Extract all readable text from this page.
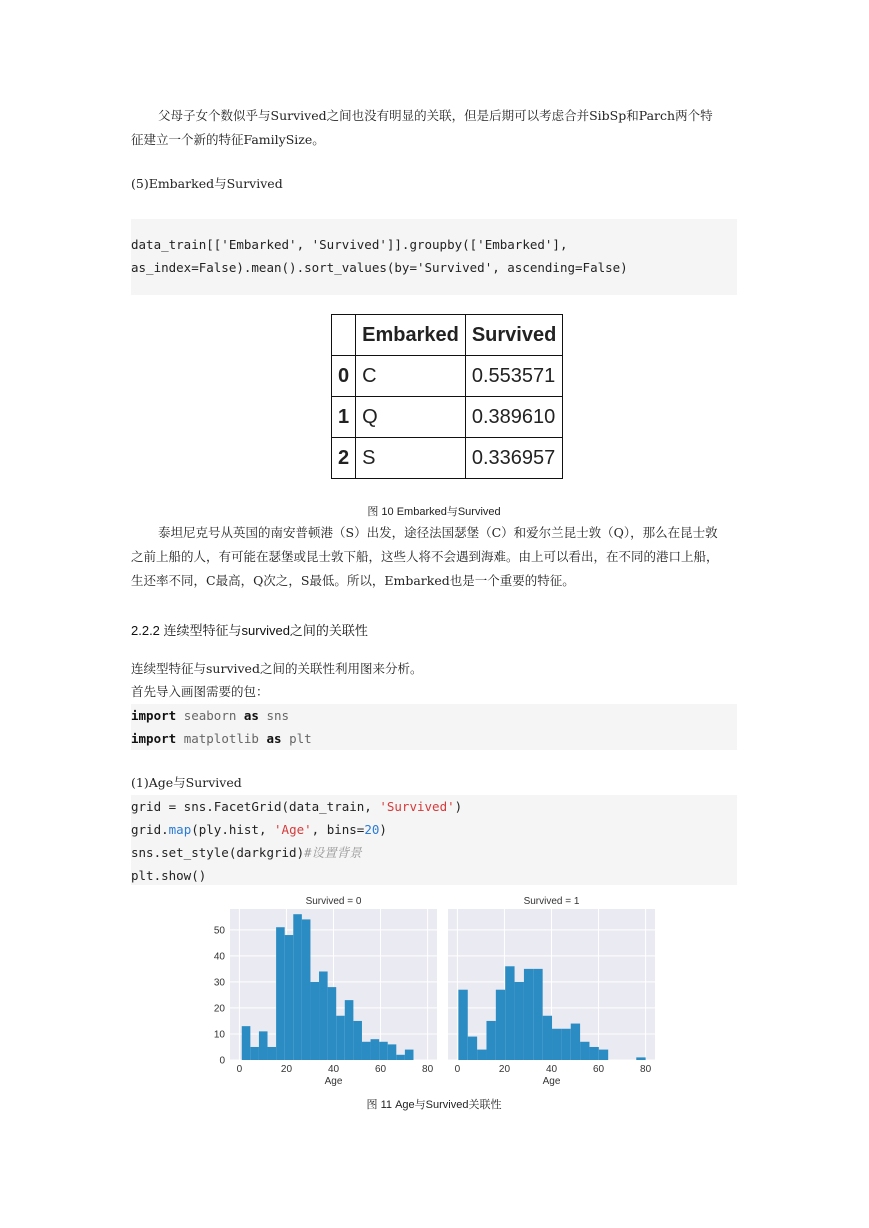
父母子女个数似乎与Survived之间也没有明显的关联，但是后期可以考虑合并SibSp和Parch两个特
征建立一个新的特征FamilySize。
(5)Embarked与Survived
data_train[['Embarked', 'Survived']].groupby(['Embarked'],
as_index=False).mean().sort_values(by='Survived', ascending=False)
	Embarked	Survived
0	C	0.553571
1	Q	0.389610
2	S	0.336957
图 10 Embarked与Survived
泰坦尼克号从英国的南安普顿港（S）出发，途径法国瑟堡（C）和爱尔兰昆士敦（Q），那么在昆士敦
之前上船的人，有可能在瑟堡或昆士敦下船，这些人将不会遇到海难。由上可以看出，在不同的港口上船，
生还率不同，C最高，Q次之，S最低。所以，Embarked也是一个重要的特征。
2.2.2 连续型特征与survived之间的关联性
连续型特征与survived之间的关联性利用图来分析。
首先导入画图需要的包：
import seaborn as sns
import matplotlib as plt
(1)Age与Survived
grid = sns.FacetGrid(data_train, 'Survived')
grid.map(ply.hist, 'Age', bins=20)
sns.set_style(darkgrid)#设置背景
plt.show()
0	20	40	60	80
0
10
20
30
40
50
Survived = 0
Age
0	20	40	60	80
Survived = 1
Age
图 11 Age与Survived关联性
